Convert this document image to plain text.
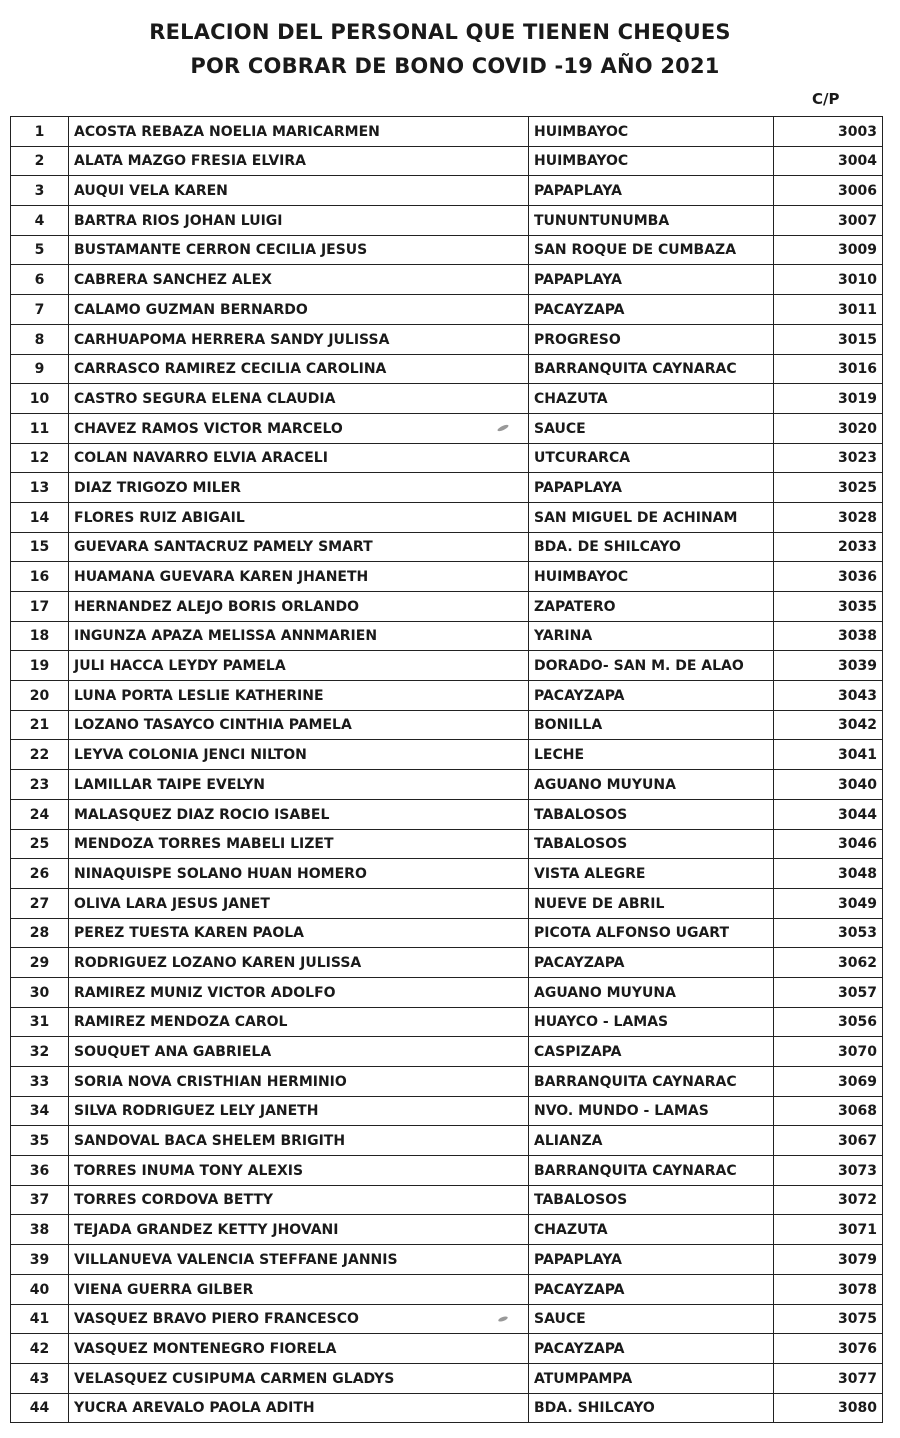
RELACION DEL PERSONAL QUE TIENEN CHEQUES
POR COBRAR DE BONO COVID -19 AÑO 2021
C/P
1	ACOSTA REBAZA NOELIA MARICARMEN	HUIMBAYOC	3003
2	ALATA MAZGO FRESIA ELVIRA	HUIMBAYOC	3004
3	AUQUI VELA KAREN	PAPAPLAYA	3006
4	BARTRA RIOS JOHAN LUIGI	TUNUNTUNUMBA	3007
5	BUSTAMANTE CERRON CECILIA JESUS	SAN ROQUE DE CUMBAZA	3009
6	CABRERA SANCHEZ ALEX	PAPAPLAYA	3010
7	CALAMO GUZMAN BERNARDO	PACAYZAPA	3011
8	CARHUAPOMA HERRERA SANDY JULISSA	PROGRESO	3015
9	CARRASCO RAMIREZ CECILIA CAROLINA	BARRANQUITA CAYNARAC	3016
10	CASTRO SEGURA ELENA CLAUDIA	CHAZUTA	3019
11	CHAVEZ RAMOS VICTOR MARCELO	SAUCE	3020
12	COLAN NAVARRO ELVIA ARACELI	UTCURARCA	3023
13	DIAZ TRIGOZO MILER	PAPAPLAYA	3025
14	FLORES RUIZ ABIGAIL	SAN MIGUEL DE ACHINAM	3028
15	GUEVARA SANTACRUZ PAMELY SMART	BDA. DE SHILCAYO	2033
16	HUAMANA GUEVARA KAREN JHANETH	HUIMBAYOC	3036
17	HERNANDEZ ALEJO BORIS ORLANDO	ZAPATERO	3035
18	INGUNZA APAZA MELISSA ANNMARIEN	YARINA	3038
19	JULI HACCA LEYDY PAMELA	DORADO- SAN M. DE ALAO	3039
20	LUNA PORTA LESLIE KATHERINE	PACAYZAPA	3043
21	LOZANO TASAYCO CINTHIA PAMELA	BONILLA	3042
22	LEYVA COLONIA JENCI NILTON	LECHE	3041
23	LAMILLAR TAIPE EVELYN	AGUANO MUYUNA	3040
24	MALASQUEZ DIAZ ROCIO ISABEL	TABALOSOS	3044
25	MENDOZA TORRES MABELI LIZET	TABALOSOS	3046
26	NINAQUISPE SOLANO HUAN HOMERO	VISTA ALEGRE	3048
27	OLIVA LARA JESUS JANET	NUEVE DE ABRIL	3049
28	PEREZ TUESTA KAREN PAOLA	PICOTA ALFONSO UGART	3053
29	RODRIGUEZ LOZANO KAREN JULISSA	PACAYZAPA	3062
30	RAMIREZ MUNIZ VICTOR ADOLFO	AGUANO MUYUNA	3057
31	RAMIREZ MENDOZA CAROL	HUAYCO - LAMAS	3056
32	SOUQUET ANA GABRIELA	CASPIZAPA	3070
33	SORIA NOVA CRISTHIAN HERMINIO	BARRANQUITA CAYNARAC	3069
34	SILVA RODRIGUEZ LELY JANETH	NVO. MUNDO - LAMAS	3068
35	SANDOVAL BACA SHELEM BRIGITH	ALIANZA	3067
36	TORRES INUMA TONY ALEXIS	BARRANQUITA CAYNARAC	3073
37	TORRES CORDOVA BETTY	TABALOSOS	3072
38	TEJADA GRANDEZ KETTY JHOVANI	CHAZUTA	3071
39	VILLANUEVA VALENCIA STEFFANE JANNIS	PAPAPLAYA	3079
40	VIENA GUERRA GILBER	PACAYZAPA	3078
41	VASQUEZ BRAVO PIERO FRANCESCO	SAUCE	3075
42	VASQUEZ MONTENEGRO FIORELA	PACAYZAPA	3076
43	VELASQUEZ CUSIPUMA CARMEN GLADYS	ATUMPAMPA	3077
44	YUCRA AREVALO PAOLA ADITH	BDA. SHILCAYO	3080
